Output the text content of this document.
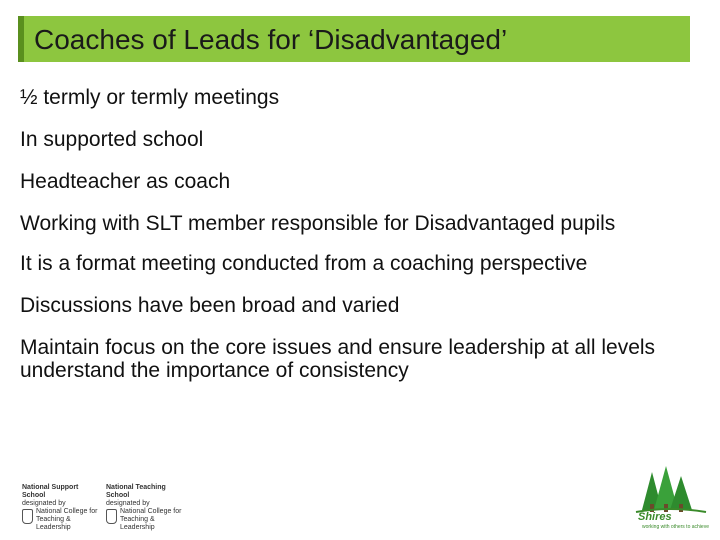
Coaches of Leads for ‘Disadvantaged’
½ termly or termly meetings
In supported school
Headteacher as coach
Working with SLT member responsible for Disadvantaged pupils
It is a format meeting conducted from a coaching perspective
Discussions have been broad and varied
Maintain focus on the core issues and ensure leadership at all levels understand the importance of consistency
National Support School
designated by
National College for
Teaching & Leadership
National Teaching School
designated by
National College for
Teaching & Leadership
Shires
working with others to achieve
